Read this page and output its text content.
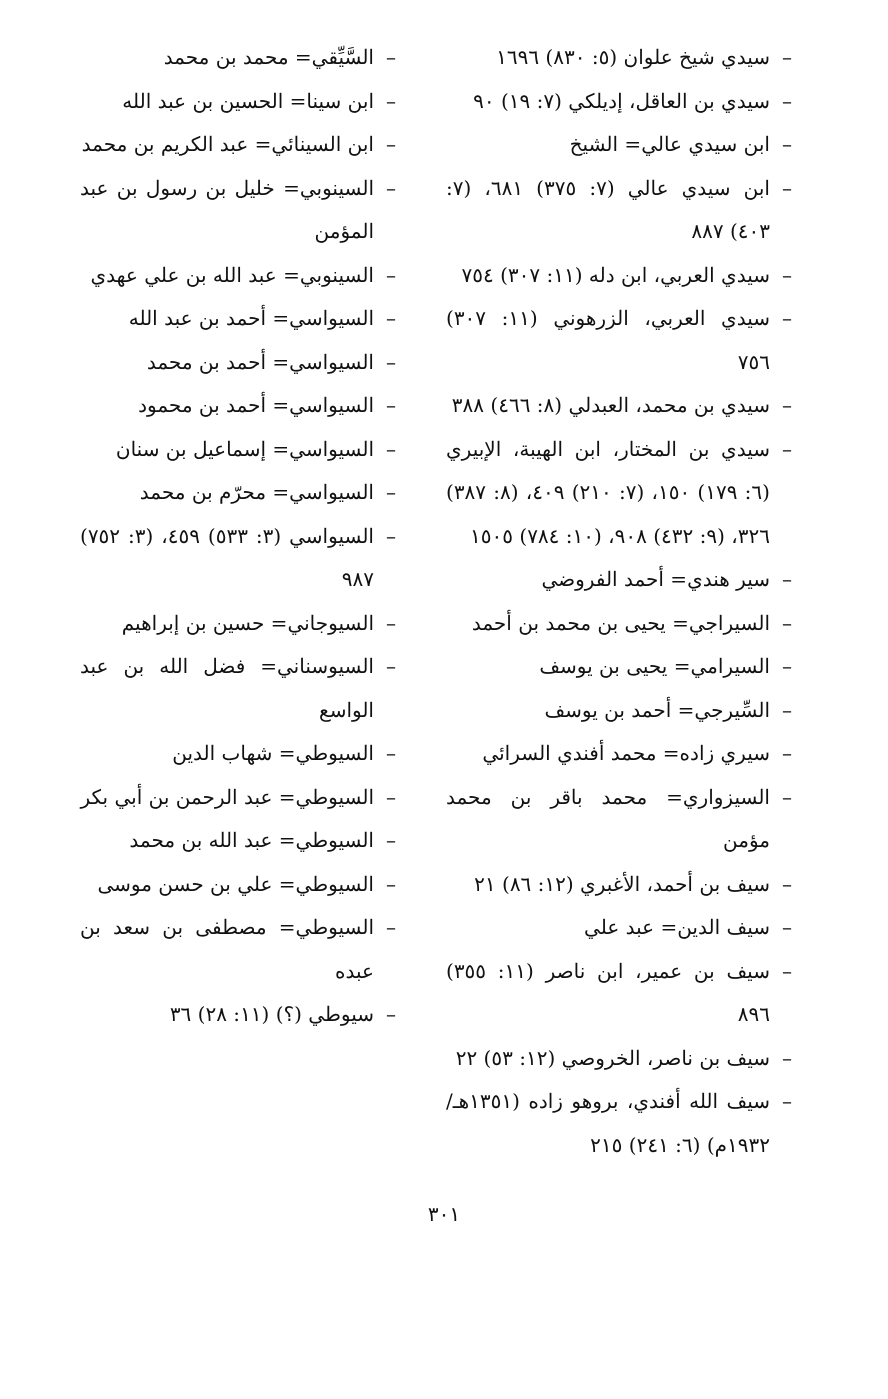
– سيدي شيخ علوان (٥: ٨٣٠) ١٦٩٦

– سيدي بن العاقل، إديلكي (٧: ١٩) ٩٠

– ابن سيدي عالي= الشيخ

– ابن سيدي عالي (٧: ٣٧٥) ٦٨١، (٧: ٤٠٣) ٨٨٧

– سيدي العربي، ابن دله (١١: ٣٠٧) ٧٥٤

– سيدي العربي، الزرهوني (١١: ٣٠٧) ٧٥٦

– سيدي بن محمد، العبدلي (٨: ٤٦٦) ٣٨٨

– سيدي بن المختار، ابن الهيبة، الإبيري (٦: ١٧٩) ١٥٠، (٧: ٢١٠) ٤٠٩، (٨: ٣٨٧) ٣٢٦، (٩: ٤٣٢) ٩٠٨، (١٠: ٧٨٤) ١٥٠٥

– سير هندي= أحمد الفروضي

– السيراجي= يحيى بن محمد بن أحمد

– السيرامي= يحيى بن يوسف

– السِّيرجي= أحمد بن يوسف

– سيري زاده= محمد أفندي السرائي

– السيزواري= محمد باقر بن محمد مؤمن

– سيف بن أحمد، الأغبري (١٢: ٨٦) ٢١

– سيف الدين= عبد علي

– سيف بن عمير، ابن ناصر (١١: ٣٥٥) ٨٩٦

– سيف بن ناصر، الخروصي (١٢: ٥٣) ٢٢

– سيف الله أفندي، بروهو زاده (١٣٥١هـ/ ١٩٣٢م) (٦: ٢٤١) ٢١٥

– السَّيِّقي= محمد بن محمد

– ابن سينا= الحسين بن عبد الله

– ابن السينائي= عبد الكريم بن محمد

– السينوبي= خليل بن رسول بن عبد المؤمن

– السينوبي= عبد الله بن علي عهدي

– السيواسي= أحمد بن عبد الله

– السيواسي= أحمد بن محمد

– السيواسي= أحمد بن محمود

– السيواسي= إسماعيل بن سنان

– السيواسي= محرّم بن محمد

– السيواسي (٣: ٥٣٣) ٤٥٩، (٣: ٧٥٢) ٩٨٧

– السيوجاني= حسين بن إبراهيم

– السيوسناني= فضل الله بن عبد الواسع

– السيوطي= شهاب الدين

– السيوطي= عبد الرحمن بن أبي بكر

– السيوطي= عبد الله بن محمد

– السيوطي= علي بن حسن موسى

– السيوطي= مصطفى بن سعد بن عبده

– سيوطي (؟) (١١: ٢٨) ٣٦

٣٠١
